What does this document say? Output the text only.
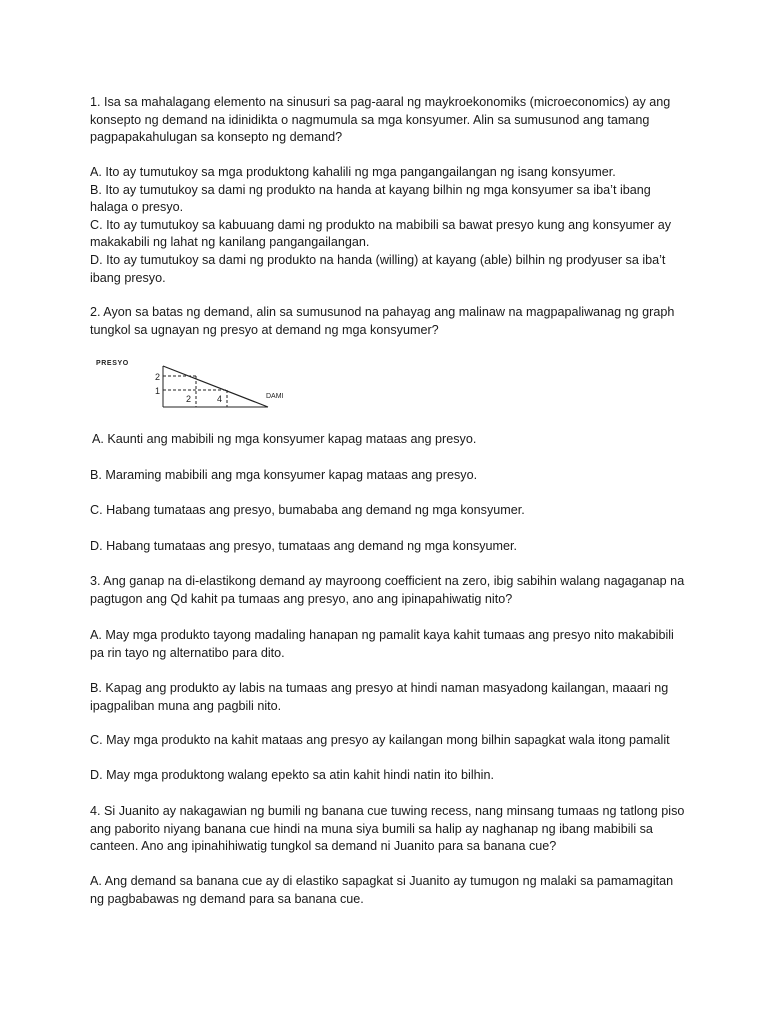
1. Isa sa mahalagang elemento na sinusuri sa pag-aaral ng maykroekonomiks (microeconomics) ay ang konsepto ng demand na idinidikta o nagmumula sa mga konsyumer. Alin sa sumusunod ang tamang pagpapakahulugan sa konsepto ng demand?

A. Ito ay tumutukoy sa mga produktong kahalili ng mga pangangailangan ng isang konsyumer.

B. Ito ay tumutukoy sa dami ng produkto na handa at kayang bilhin ng mga konsyumer sa iba’t ibang halaga o presyo.

C. Ito ay tumutukoy sa kabuuang dami ng produkto na mabibili sa bawat presyo kung ang konsyumer ay makakabili ng lahat ng kanilang pangangailangan.

D. Ito ay tumutukoy sa dami ng produkto na handa (willing) at kayang (able) bilhin ng prodyuser sa iba’t ibang presyo.

2. Ayon sa batas ng demand, alin sa sumusunod na pahayag ang malinaw na magpapaliwanag ng graph tungkol sa ugnayan ng presyo at demand ng mga konsyumer?

PRESYO
2
1
2	4	DAMI

A. Kaunti ang mabibili ng mga konsyumer kapag mataas ang presyo.

B. Maraming mabibili ang mga konsyumer kapag mataas ang presyo.

C. Habang tumataas ang presyo, bumababa ang demand ng mga konsyumer.

D. Habang tumataas ang presyo, tumataas ang demand ng mga konsyumer.

3. Ang ganap na di-elastikong demand ay mayroong coefficient na zero, ibig sabihin walang nagaganap na pagtugon ang Qd kahit pa tumaas ang presyo, ano ang ipinapahiwatig nito?

A. May mga produkto tayong madaling hanapan ng pamalit kaya kahit tumaas ang presyo nito makabibili pa rin tayo ng alternatibo para dito.

B. Kapag ang produkto ay labis na tumaas ang presyo at hindi naman masyadong kailangan, maaari ng ipagpaliban muna ang pagbili nito.

C. May mga produkto na kahit mataas ang presyo ay kailangan mong bilhin sapagkat wala itong pamalit

D. May mga produktong walang epekto sa atin kahit hindi natin ito bilhin.

4. Si Juanito ay nakagawian ng bumili ng banana cue tuwing recess, nang minsang tumaas ng tatlong piso ang paborito niyang banana cue hindi na muna siya bumili sa halip ay naghanap ng ibang mabibili sa canteen. Ano ang ipinahihiwatig tungkol sa demand ni Juanito para sa banana cue?

A. Ang demand sa banana cue ay di elastiko sapagkat si Juanito ay tumugon ng malaki sa pamamagitan ng pagbabawas ng demand para sa banana cue.
